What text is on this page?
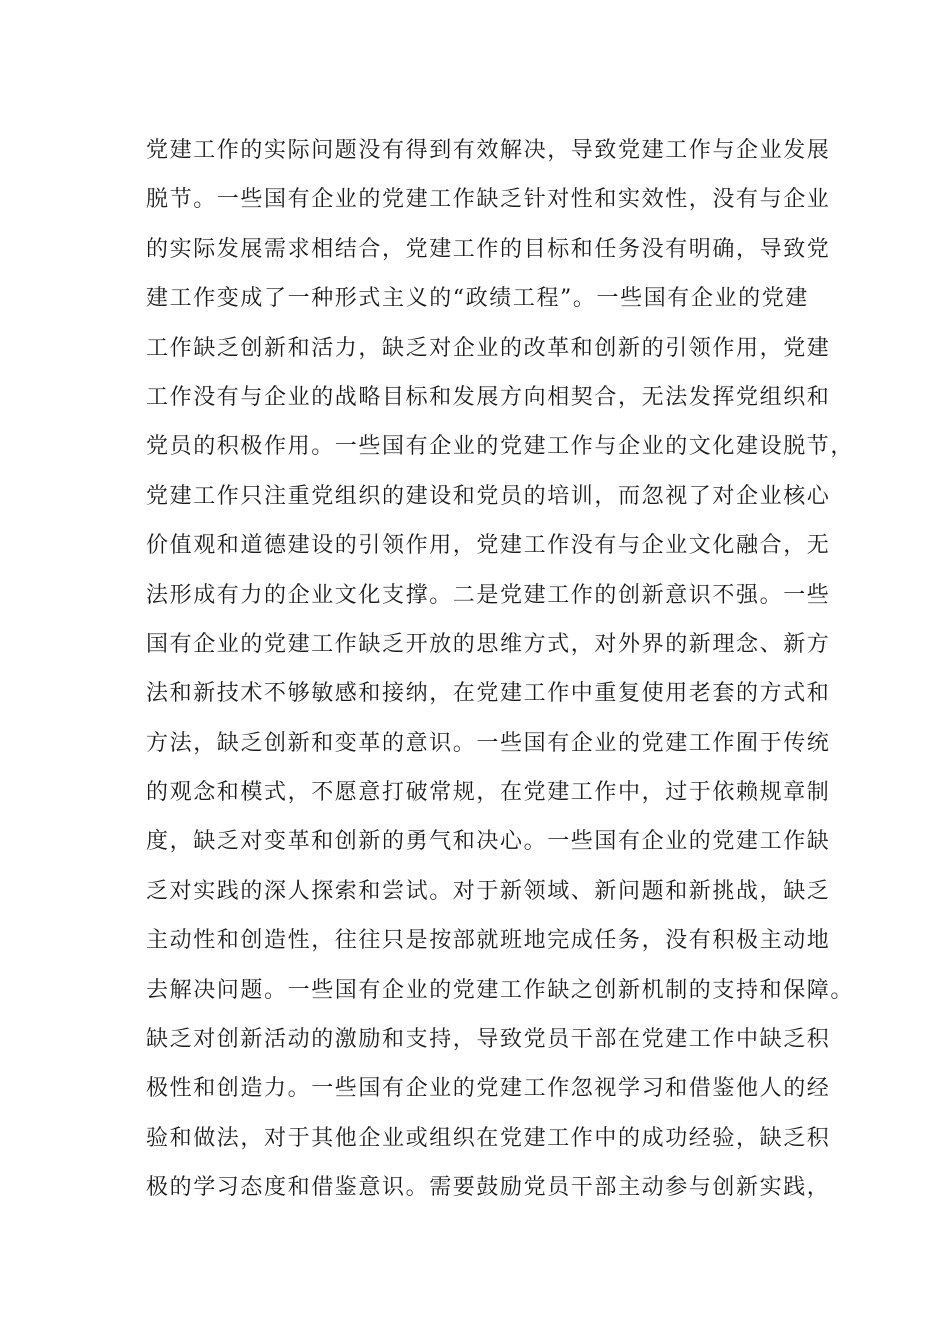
党建工作的实际问题没有得到有效解决，导致党建工作与企业发展
脱节。一些国有企业的党建工作缺乏针对性和实效性，没有与企业
的实际发展需求相结合，党建工作的目标和任务没有明确，导致党
建工作变成了一种形式主义的“政绩工程”。一些国有企业的党建
工作缺乏创新和活力，缺乏对企业的改革和创新的引领作用，党建
工作没有与企业的战略目标和发展方向相契合，无法发挥党组织和
党员的积极作用。一些国有企业的党建工作与企业的文化建设脱节，
党建工作只注重党组织的建设和党员的培训，而忽视了对企业核心
价值观和道德建设的引领作用，党建工作没有与企业文化融合，无
法形成有力的企业文化支撑。二是党建工作的创新意识不强。一些
国有企业的党建工作缺乏开放的思维方式，对外界的新理念、新方
法和新技术不够敏感和接纳，在党建工作中重复使用老套的方式和
方法，缺乏创新和变革的意识。一些国有企业的党建工作囿于传统
的观念和模式，不愿意打破常规，在党建工作中，过于依赖规章制
度，缺乏对变革和创新的勇气和决心。一些国有企业的党建工作缺
乏对实践的深人探索和尝试。对于新领域、新问题和新挑战，缺乏
主动性和创造性，往往只是按部就班地完成任务，没有积极主动地
去解决问题。一些国有企业的党建工作缺之创新机制的支持和保障。
缺乏对创新活动的激励和支持，导致党员干部在党建工作中缺乏积
极性和创造力。一些国有企业的党建工作忽视学习和借鉴他人的经
验和做法，对于其他企业或组织在党建工作中的成功经验，缺乏积
极的学习态度和借鉴意识。需要鼓励党员干部主动参与创新实践，
